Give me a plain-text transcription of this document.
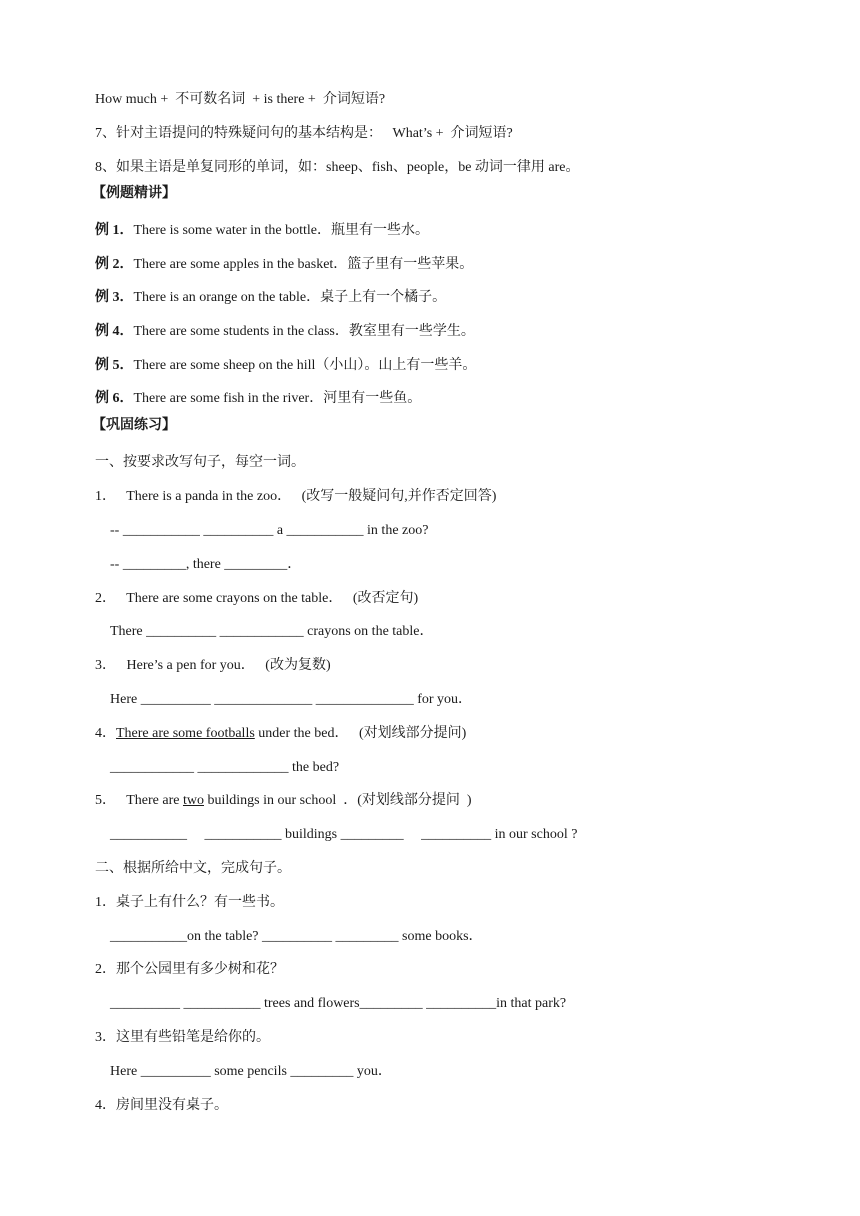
How much +  不可数名词  + is there +  介词短语?
7、针对主语提问的特殊疑问句的基本结构是：   What’s +  介词短语?
8、如果主语是单复同形的单词，如：sheep、fish、people，be 动词一律用 are。
【例题精讲】
例 1．There is some water in the bottle．瓶里有一些水。
例 2．There are some apples in the basket．篮子里有一些苹果。
例 3．There is an orange on the table．桌子上有一个橘子。
例 4．There are some students in the class．教室里有一些学生。
例 5．There are some sheep on the hill（小山）。山上有一些羊。
例 6．There are some fish in the river．河里有一些鱼。
【巩固练习】
一、按要求改写句子，每空一词。
1．   There is a panda in the zoo．   (改写一般疑问句,并作否定回答)
-- ___________ __________ a ___________ in the zoo?
-- _________, there _________．
2．   There are some crayons on the table．   (改否定句)
There __________ ____________ crayons on the table．
3．   Here’s a pen for you．   (改为复数)
Here __________ ______________ ______________ for you．
4．There are some footballs under the bed．   (对划线部分提问)
____________ _____________ the bed?
5．   There are two buildings in our school  ．(对划线部分提问  )
___________     ___________ buildings _________     __________ in our school ?
二、根据所给中文，完成句子。
1．桌子上有什么？有一些书。
___________on the table? __________ _________ some books．
2．那个公园里有多少树和花？
__________ ___________ trees and flowers_________ __________in that park?
3．这里有些铅笔是给你的。
Here __________ some pencils _________ you．
4．房间里没有桌子。
